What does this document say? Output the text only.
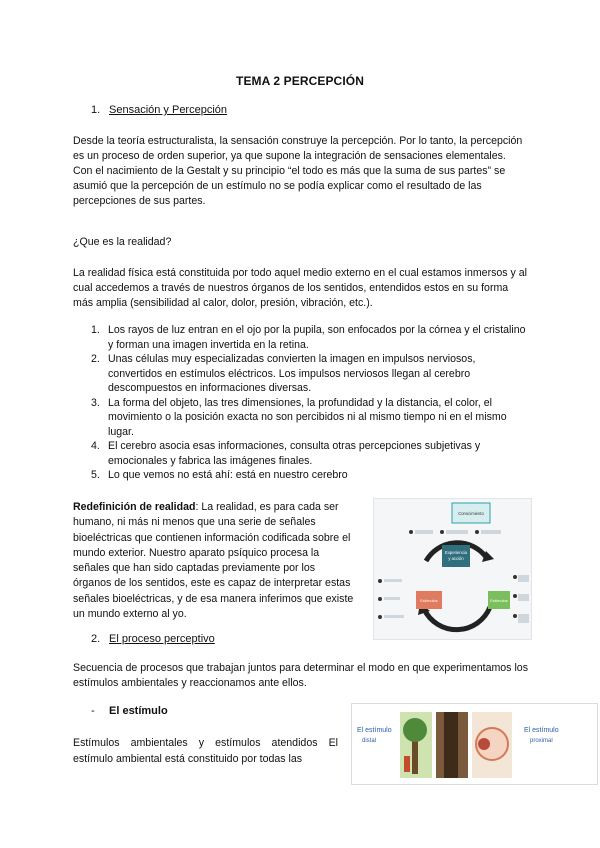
TEMA 2 PERCEPCIÓN
1. Sensación y Percepción

Desde la teoría estructuralista, la sensación construye la percepción. Por lo tanto, la percepción es un proceso de orden superior, ya que supone la integración de sensaciones elementales.

Con el nacimiento de la Gestalt y su principio “el todo es más que la suma de sus partes” se asumió que la percepción de un estímulo no se podía explicar como el resultado de las percepciones de sus partes.

¿Que es la realidad?
La realidad física está constituida por todo aquel medio externo en el cual estamos inmersos y al cual accedemos a través de nuestros órganos de los sentidos, entendidos estos en su forma más amplia (sensibilidad al calor, dolor, presión, vibración, etc.).
1. Los rayos de luz entran en el ojo por la pupila, son enfocados por la córnea y el cristalino y forman una imagen invertida en la retina.
2. Unas células muy especializadas convierten la imagen en impulsos nerviosos, convertidos en estímulos eléctricos. Los impulsos nerviosos llegan al cerebro descompuestos en informaciones diversas.
3. La forma del objeto, las tres dimensiones, la profundidad y la distancia, el color, el movimiento o la posición exacta no son percibidos ni al mismo tiempo ni en el mismo lugar.
4. El cerebro asocia esas informaciones, consulta otras percepciones subjetivas y emocionales y fabrica las imágenes finales.
5. Lo que vemos no está ahí: está en nuestro cerebro
Redefinición de realidad: La realidad, es para cada ser humano, ni más ni menos que una serie de señales bioeléctricas que contienen información codificada sobre el mundo exterior. Nuestro aparato psíquico procesa la señales que han sido captadas previamente por los órganos de los sentidos, este es capaz de interpretar estas señales bioeléctricas, y de esa manera inferimos que existe un mundo externo al yo.
Conocimiento
Experiencia
y acción
Estímulos	Estímulos
2. El proceso perceptivo
Secuencia de procesos que trabajan juntos para determinar el modo en que experimentamos los estímulos ambientales y reaccionamos ante ellos.
- El estímulo
Estímulos ambientales y estímulos atendidos El estímulo ambiental está constituido por todas las
El estímulo
distal
El estímulo
proximal
